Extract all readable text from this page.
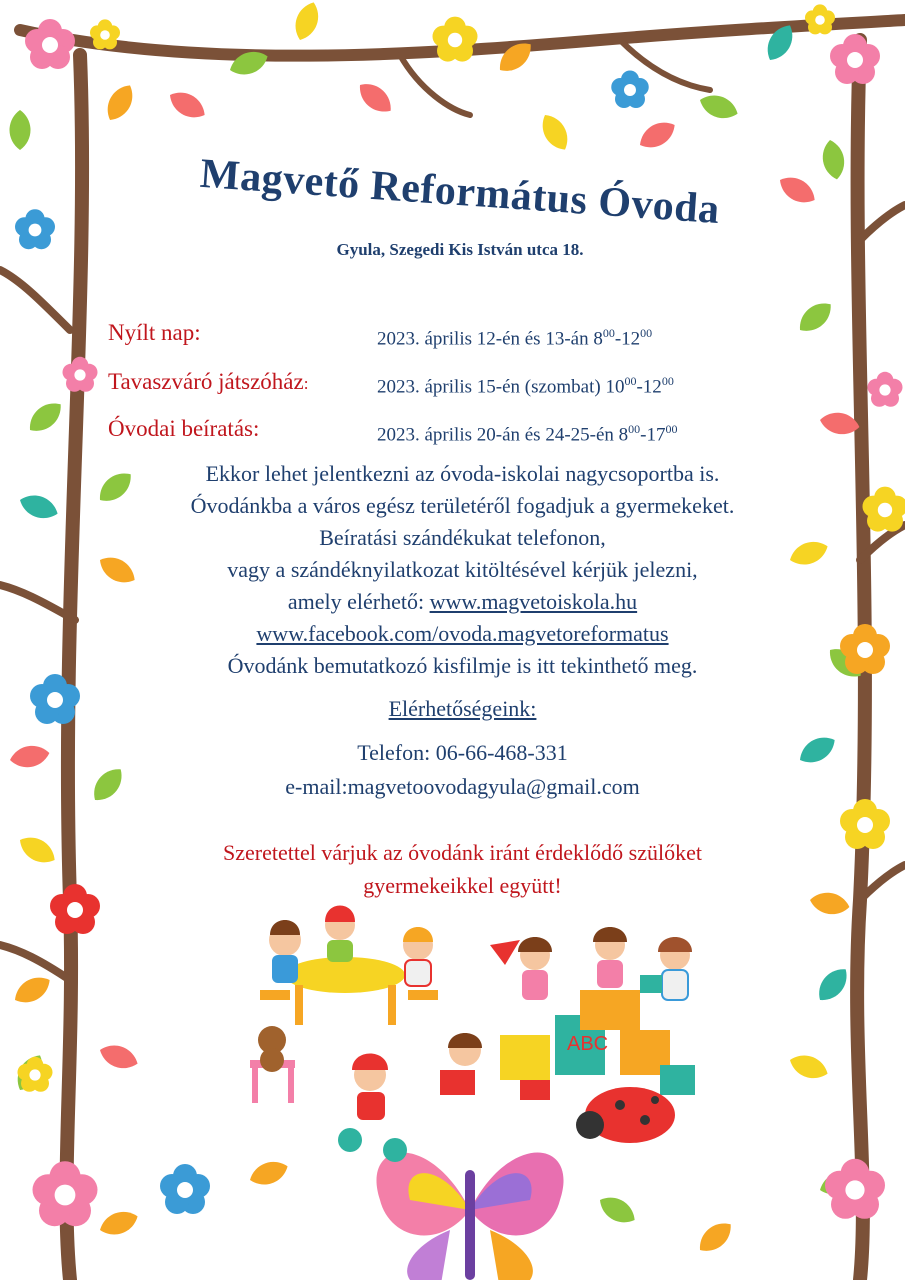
ABC
Magvető Református Óvoda
Gyula, Szegedi Kis István utca 18.
Nyílt nap:	2023. április 12-én és 13-án $8^{00}-12^{00}$
Tavaszváró játszóház:	2023. április 15-én (szombat) $10^{00}-12^{00}$
Óvodai beíratás:	2023. április 20-án és 24-25-én $8^{00}-17^{00}$
Ekkor lehet jelentkezni az óvoda-iskolai nagycsoportba is.
Óvodánkba a város egész területéről fogadjuk a gyermekeket.
Beíratási szándékukat telefonon,
vagy a szándéknyilatkozat kitöltésével kérjük jelezni,
amely elérhető: www.magvetoiskola.hu
www.facebook.com/ovoda.magvetoreformatus
Óvodánk bemutatkozó kisfilmje is itt tekinthető meg.
Elérhetőségeink:
Telefon: 06-66-468-331
e-mail:magvetoovodagyula@gmail.com
Szeretettel várjuk az óvodánk iránt érdeklődő szülőket
gyermekeikkel együtt!
